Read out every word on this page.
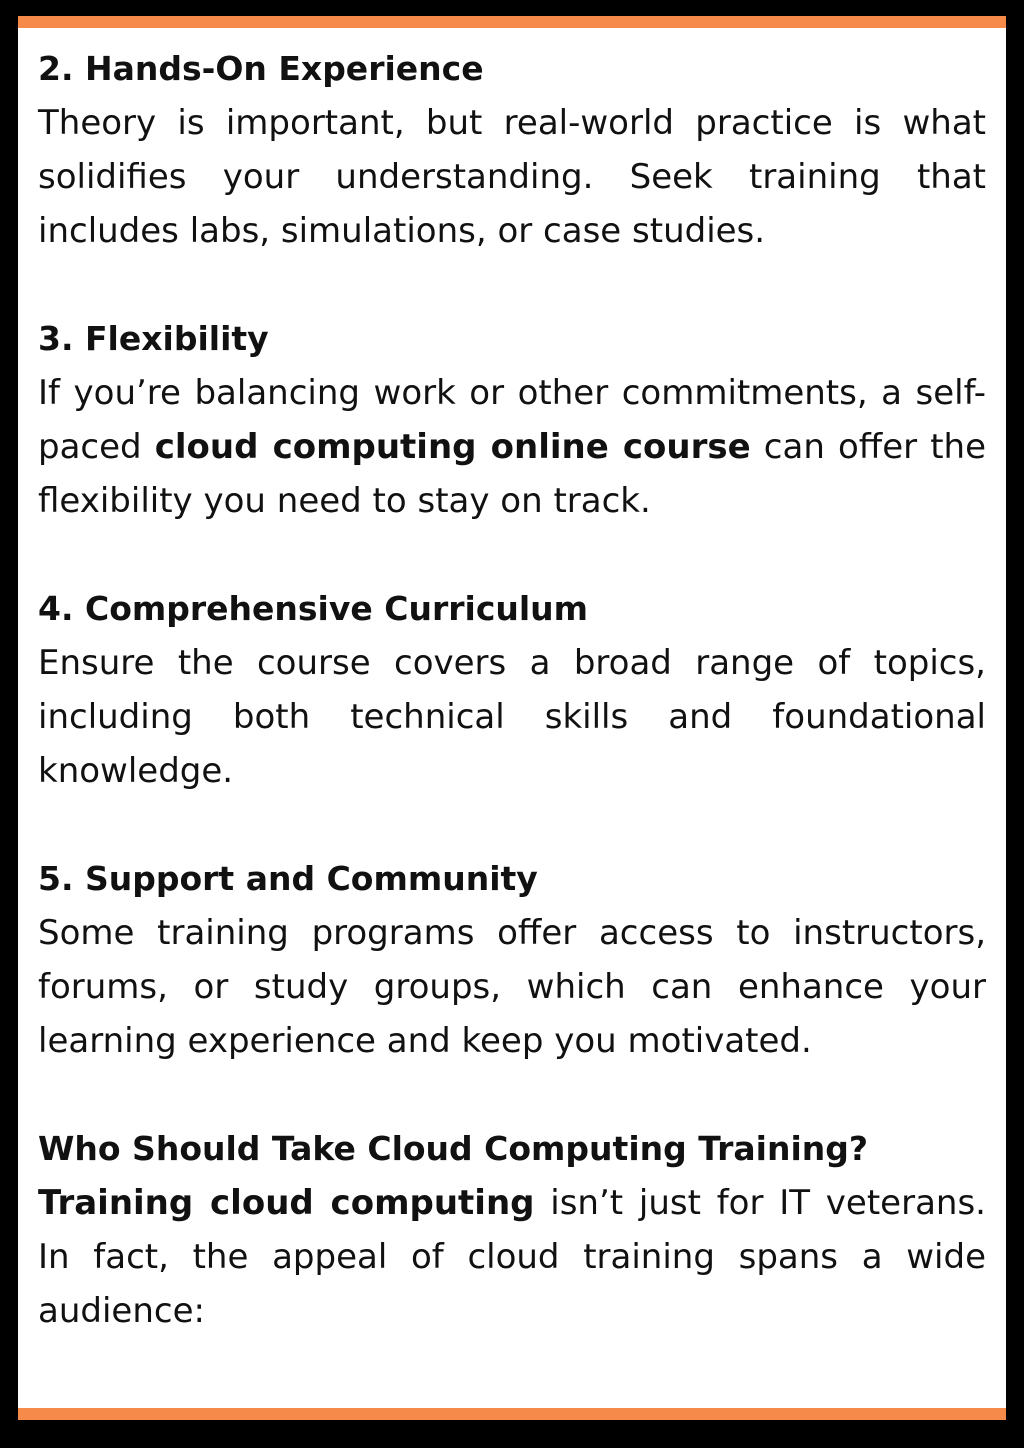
2. Hands-On Experience

Theory is important, but real-world practice is what solidifies your understanding. Seek training that includes labs, simulations, or case studies.

3. Flexibility

If you’re balancing work or other commitments, a self-paced cloud computing online course can offer the flexibility you need to stay on track.

4. Comprehensive Curriculum

Ensure the course covers a broad range of topics, including both technical skills and foundational knowledge.

5. Support and Community

Some training programs offer access to instructors, forums, or study groups, which can enhance your learning experience and keep you motivated.

Who Should Take Cloud Computing Training?

Training cloud computing isn’t just for IT veterans. In fact, the appeal of cloud training spans a wide audience:
